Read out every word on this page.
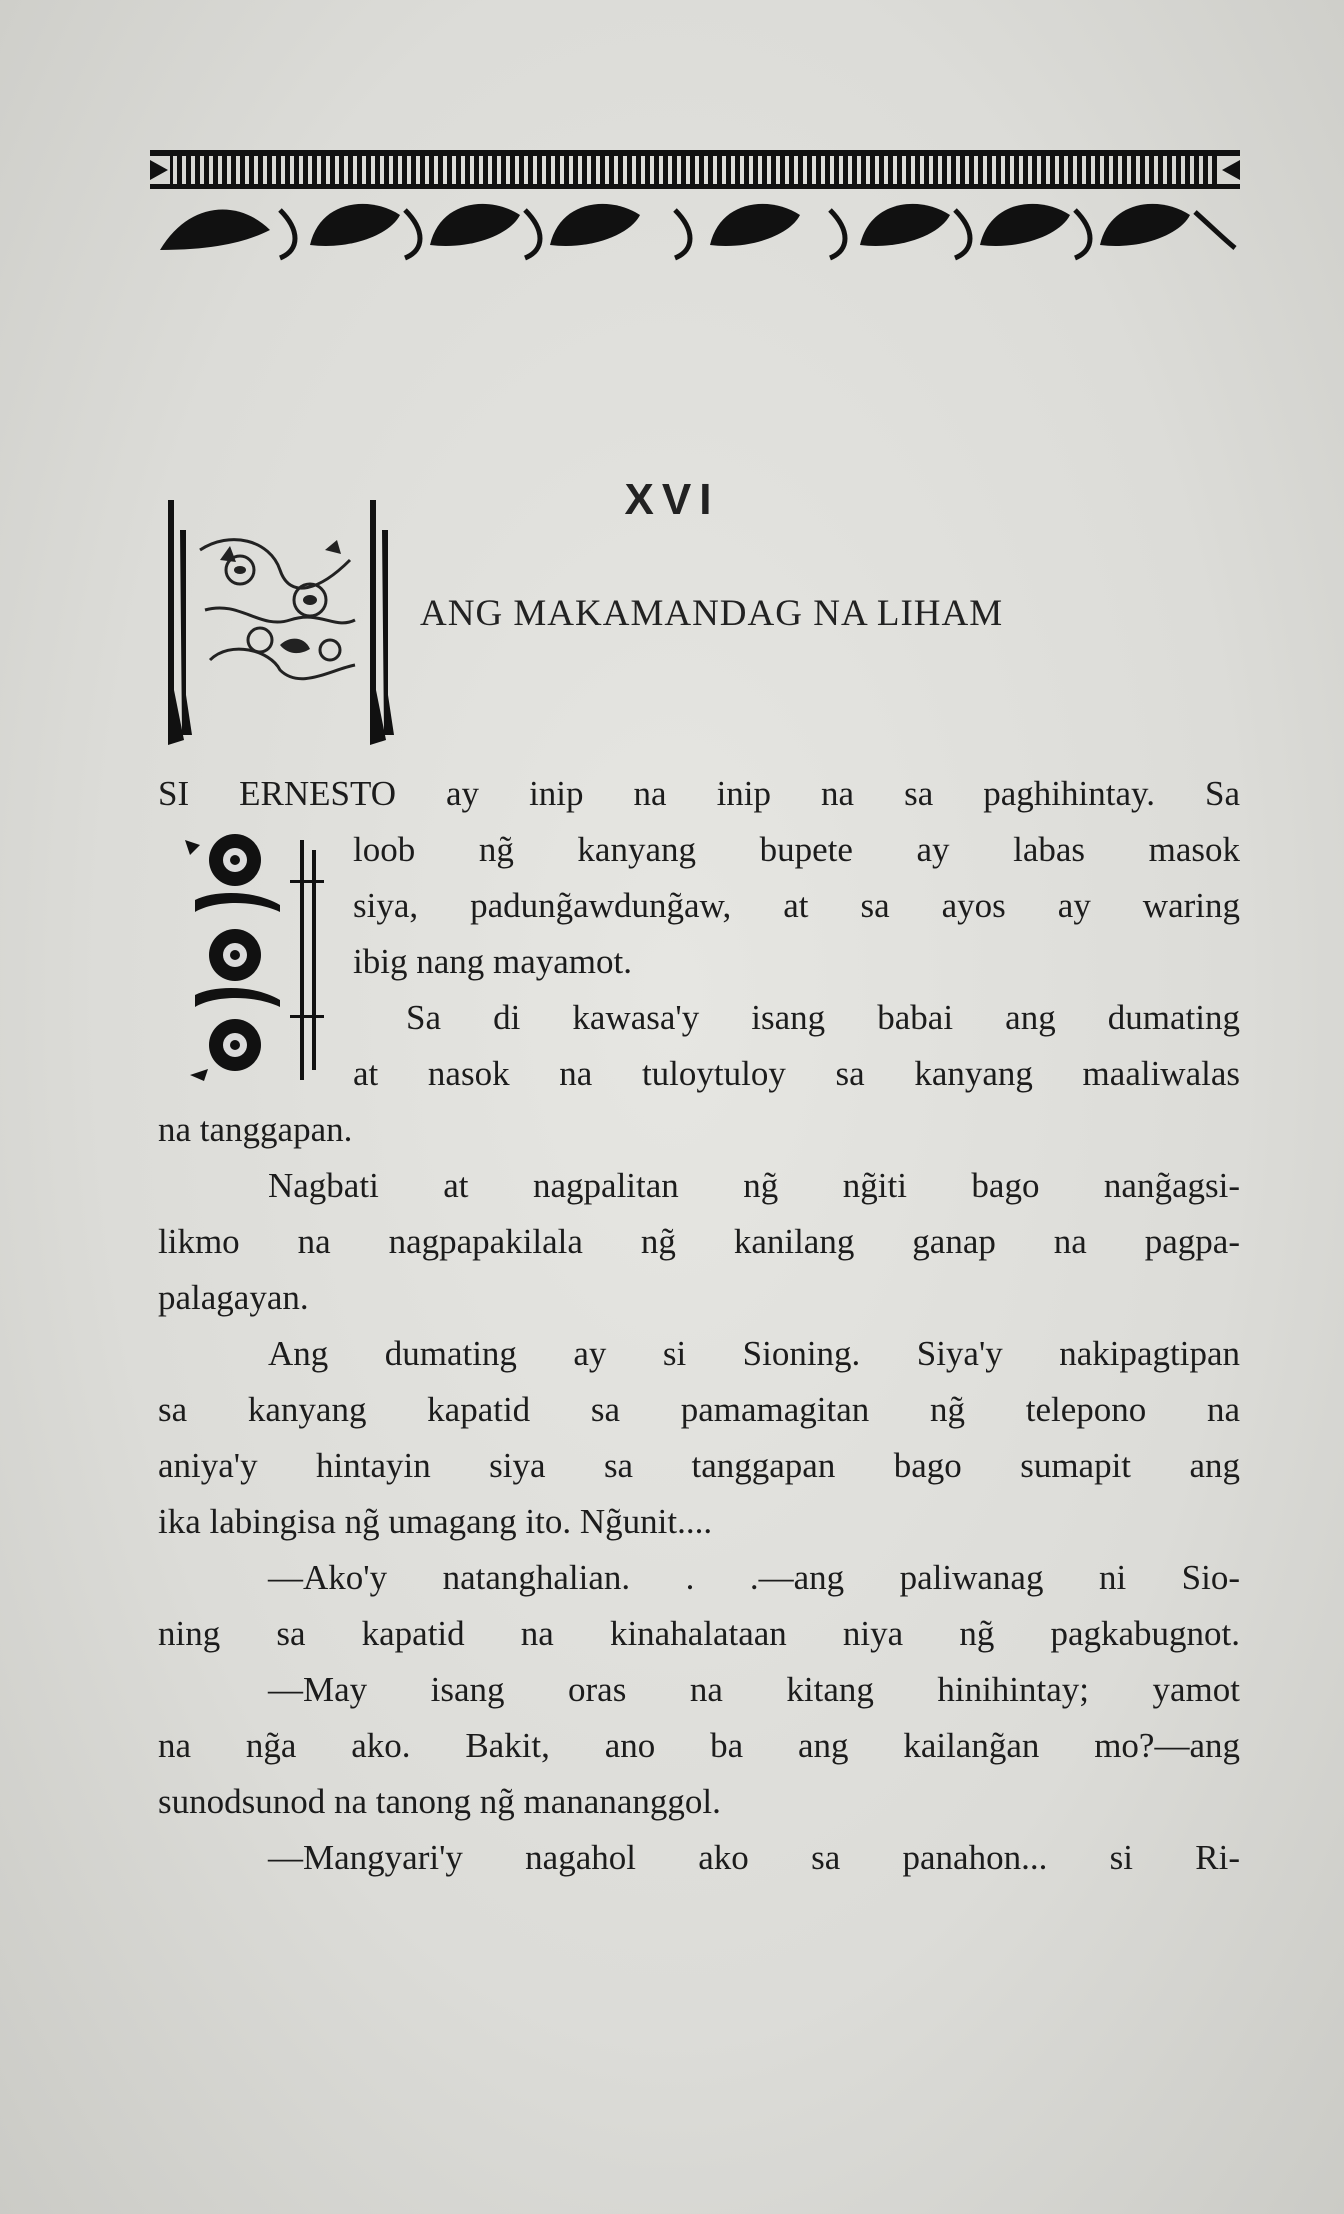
XVI
ANG MAKAMANDAG NA LIHAM
SI ERNESTO ay inip na inip na sa paghihintay. Sa
loob ng̃ kanyang bupete ay labas masok
siya, padung̃awdung̃aw, at sa ayos ay waring
ibig nang mayamot.
Sa di kawasa'y isang babai ang dumating
at nasok na tuloytuloy sa kanyang maaliwalas
na tanggapan.
Nagbati at nagpalitan ng̃ ng̃iti bago nang̃agsi-
likmo na nagpapakilala ng̃ kanilang ganap na pagpa-
palagayan.
Ang dumating ay si Sioning. Siya'y nakipagtipan
sa kanyang kapatid sa pamamagitan ng̃ telepono na
aniya'y hintayin siya sa tanggapan bago sumapit ang
ika labingisa ng̃ umagang ito. Ng̃unit....
—Ako'y natanghalian. . .—ang paliwanag ni Sio-
ning sa kapatid na kinahalataan niya ng̃ pagkabugnot.
—May isang oras na kitang hinihintay; yamot
na ng̃a ako. Bakit, ano ba ang kailang̃an mo?—ang
sunodsunod na tanong ng̃ manananggol.
—Mangyari'y nagahol ako sa panahon... si Ri-
